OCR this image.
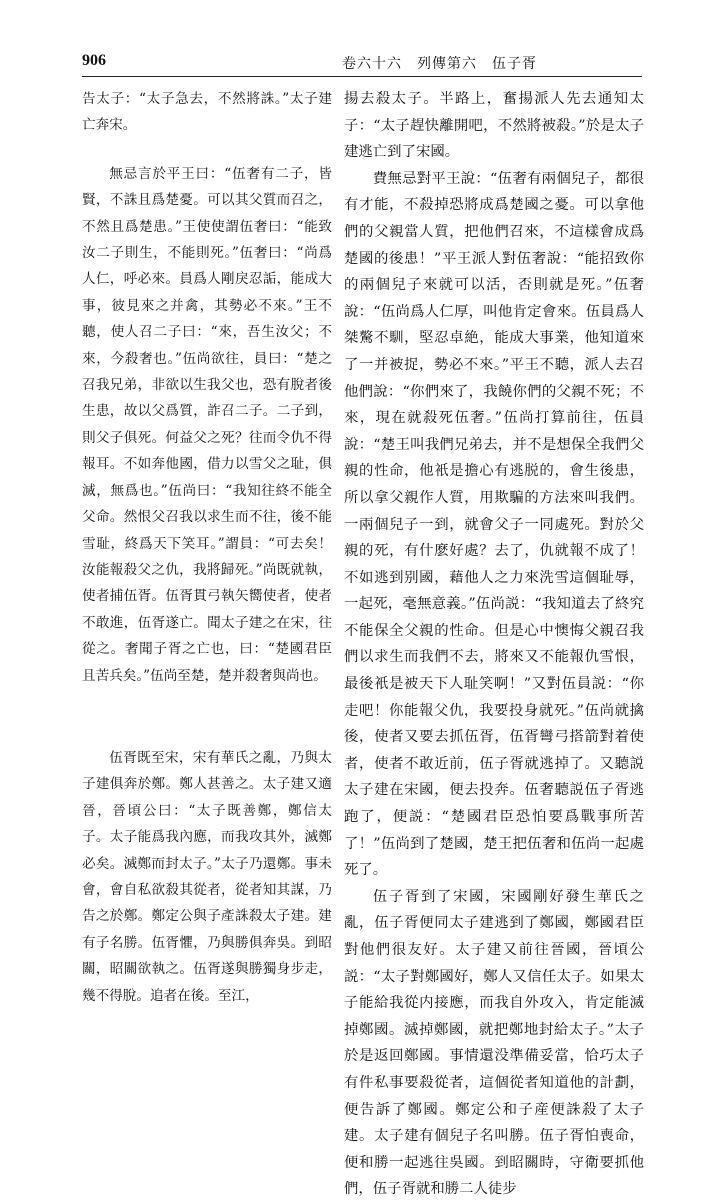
906	卷六十六　列傳第六　伍子胥

告太子：“太子急去，不然將誅。”太子建亡奔宋。

無忌言於平王曰：“伍奢有二子，皆賢，不誅且爲楚憂。可以其父質而召之，不然且爲楚患。”王使使謂伍奢曰：“能致汝二子則生，不能則死。”伍奢曰：“尚爲人仁，呼必來。員爲人剛戾忍詬，能成大事，彼見來之并禽，其勢必不來。”王不聽，使人召二子曰：“來，吾生汝父；不來，今殺奢也。”伍尚欲往，員曰：“楚之召我兄弟，非欲以生我父也，恐有脫者後生患，故以父爲質，詐召二子。二子到，則父子俱死。何益父之死？往而令仇不得報耳。不如奔他國，借力以雪父之耻，俱滅，無爲也。”伍尚曰：“我知往終不能全父命。然恨父召我以求生而不往，後不能雪耻，終爲天下笑耳。”謂員：“可去矣！汝能報殺父之仇，我將歸死。”尚既就執，使者捕伍胥。伍胥貫弓執矢嚮使者，使者不敢進，伍胥遂亡。聞太子建之在宋，往從之。奢聞子胥之亡也，曰：“楚國君臣且苦兵矣。”伍尚至楚，楚并殺奢與尚也。

伍胥既至宋，宋有華氏之亂，乃與太子建俱奔於鄭。鄭人甚善之。太子建又適晉，晉頃公曰：“太子既善鄭，鄭信太子。太子能爲我內應，而我攻其外，滅鄭必矣。滅鄭而封太子。”太子乃還鄭。事未會，會自私欲殺其從者，從者知其謀，乃告之於鄭。鄭定公與子產誅殺太子建。建有子名勝。伍胥懼，乃與勝俱奔吳。到昭關，昭關欲執之。伍胥遂與勝獨身步走，幾不得脫。追者在後。至江，

揚去殺太子。半路上，奮揚派人先去通知太子：“太子趕快離開吧，不然將被殺。”於是太子建逃亡到了宋國。

費無忌對平王說：“伍奢有兩個兒子，都很有才能，不殺掉恐將成爲楚國之憂。可以拿他們的父親當人質，把他們召來，不這樣會成爲楚國的後患！”平王派人對伍奢說：“能招致你的兩個兒子來就可以活，否則就是死。”伍奢說：“伍尚爲人仁厚，叫他肯定會來。伍員爲人桀驁不馴，堅忍卓絶，能成大事業，他知道來了一并被捉，勢必不來。”平王不聽，派人去召他們說：“你們來了，我饒你們的父親不死；不來，現在就殺死伍奢。”伍尚打算前往，伍員說：“楚王叫我們兄弟去，并不是想保全我們父親的性命，他衹是擔心有逃脱的，會生後患，所以拿父親作人質，用欺騙的方法來叫我們。一兩個兒子一到，就會父子一同處死。對於父親的死，有什麽好處？去了，仇就報不成了！不如逃到别國，藉他人之力來洗雪這個耻辱，一起死，毫無意義。”伍尚説：“我知道去了終究不能保全父親的性命。但是心中懊悔父親召我們以求生而我們不去，將來又不能報仇雪恨，最後衹是被天下人耻笑啊！”又對伍員説：“你走吧！你能報父仇，我要投身就死。”伍尚就擒後，使者又要去抓伍胥，伍胥彎弓搭箭對着使者，使者不敢近前，伍子胥就逃掉了。又聽説太子建在宋國，便去投奔。伍奢聽説伍子胥逃跑了，便説：“楚國君臣恐怕要爲戰事所苦了！”伍尚到了楚國，楚王把伍奢和伍尚一起處死了。

伍子胥到了宋國，宋國剛好發生華氏之亂，伍子胥便同太子建逃到了鄭國，鄭國君臣對他們很友好。太子建又前往晉國，晉頃公説：“太子對鄭國好，鄭人又信任太子。如果太子能給我從内接應，而我自外攻入，肯定能滅掉鄭國。滅掉鄭國，就把鄭地封給太子。”太子於是返回鄭國。事情還没準備妥當，恰巧太子有件私事要殺從者，這個從者知道他的計劃，便告訴了鄭國。鄭定公和子産便誅殺了太子建。太子建有個兒子名叫勝。伍子胥怕喪命，便和勝一起逃往吳國。到昭關時，守衛要抓他們，伍子胥就和勝二人徒步
